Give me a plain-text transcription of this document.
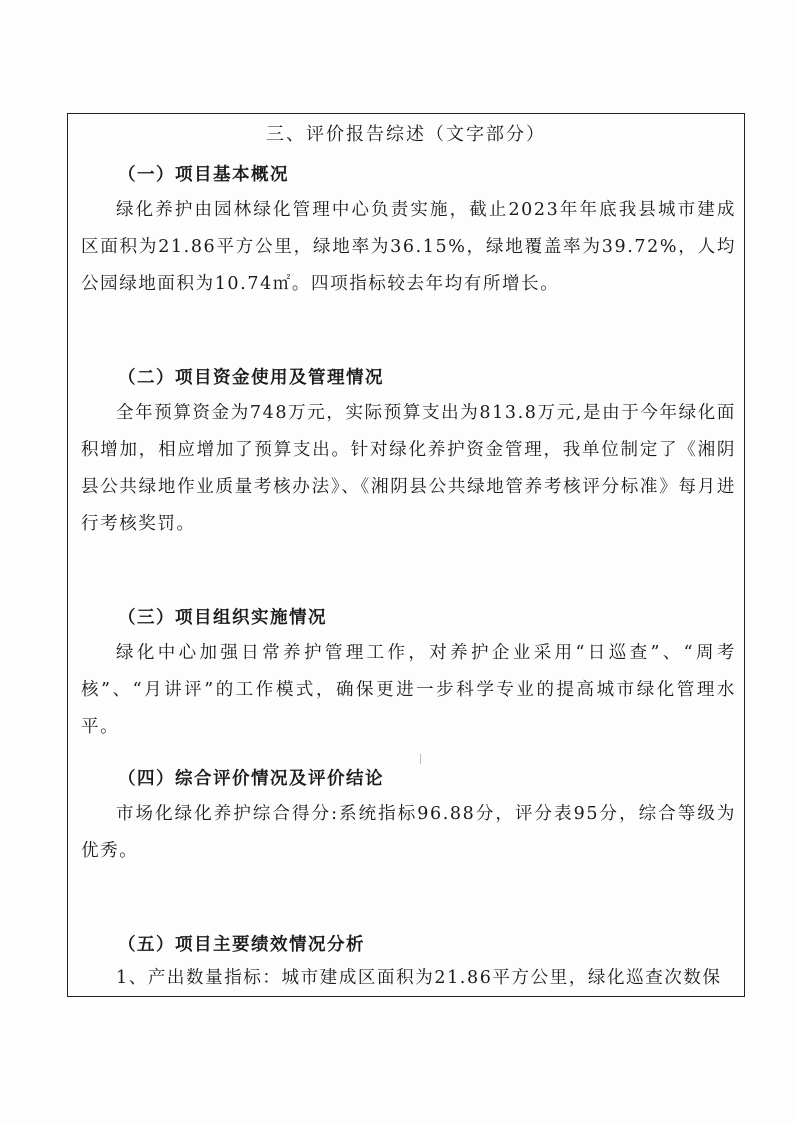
三、评价报告综述（文字部分）
（一）项目基本概况
绿化养护由园林绿化管理中心负责实施，截止2023年年底我县城市建成区面积为21.86平方公里，绿地率为36.15%，绿地覆盖率为39.72%，人均公园绿地面积为10.74㎡。四项指标较去年均有所增长。
（二）项目资金使用及管理情况
全年预算资金为748万元，实际预算支出为813.8万元,是由于今年绿化面积增加，相应增加了预算支出。针对绿化养护资金管理，我单位制定了《湘阴县公共绿地作业质量考核办法》、《湘阴县公共绿地管养考核评分标准》每月进行考核奖罚。
（三）项目组织实施情况
绿化中心加强日常养护管理工作，对养护企业采用“日巡查”、“周考核”、“月讲评”的工作模式，确保更进一步科学专业的提高城市绿化管理水平。
（四）综合评价情况及评价结论
市场化绿化养护综合得分:系统指标96.88分，评分表95分，综合等级为优秀。
（五）项目主要绩效情况分析
1、产出数量指标：城市建成区面积为21.86平方公里，绿化巡查次数保
